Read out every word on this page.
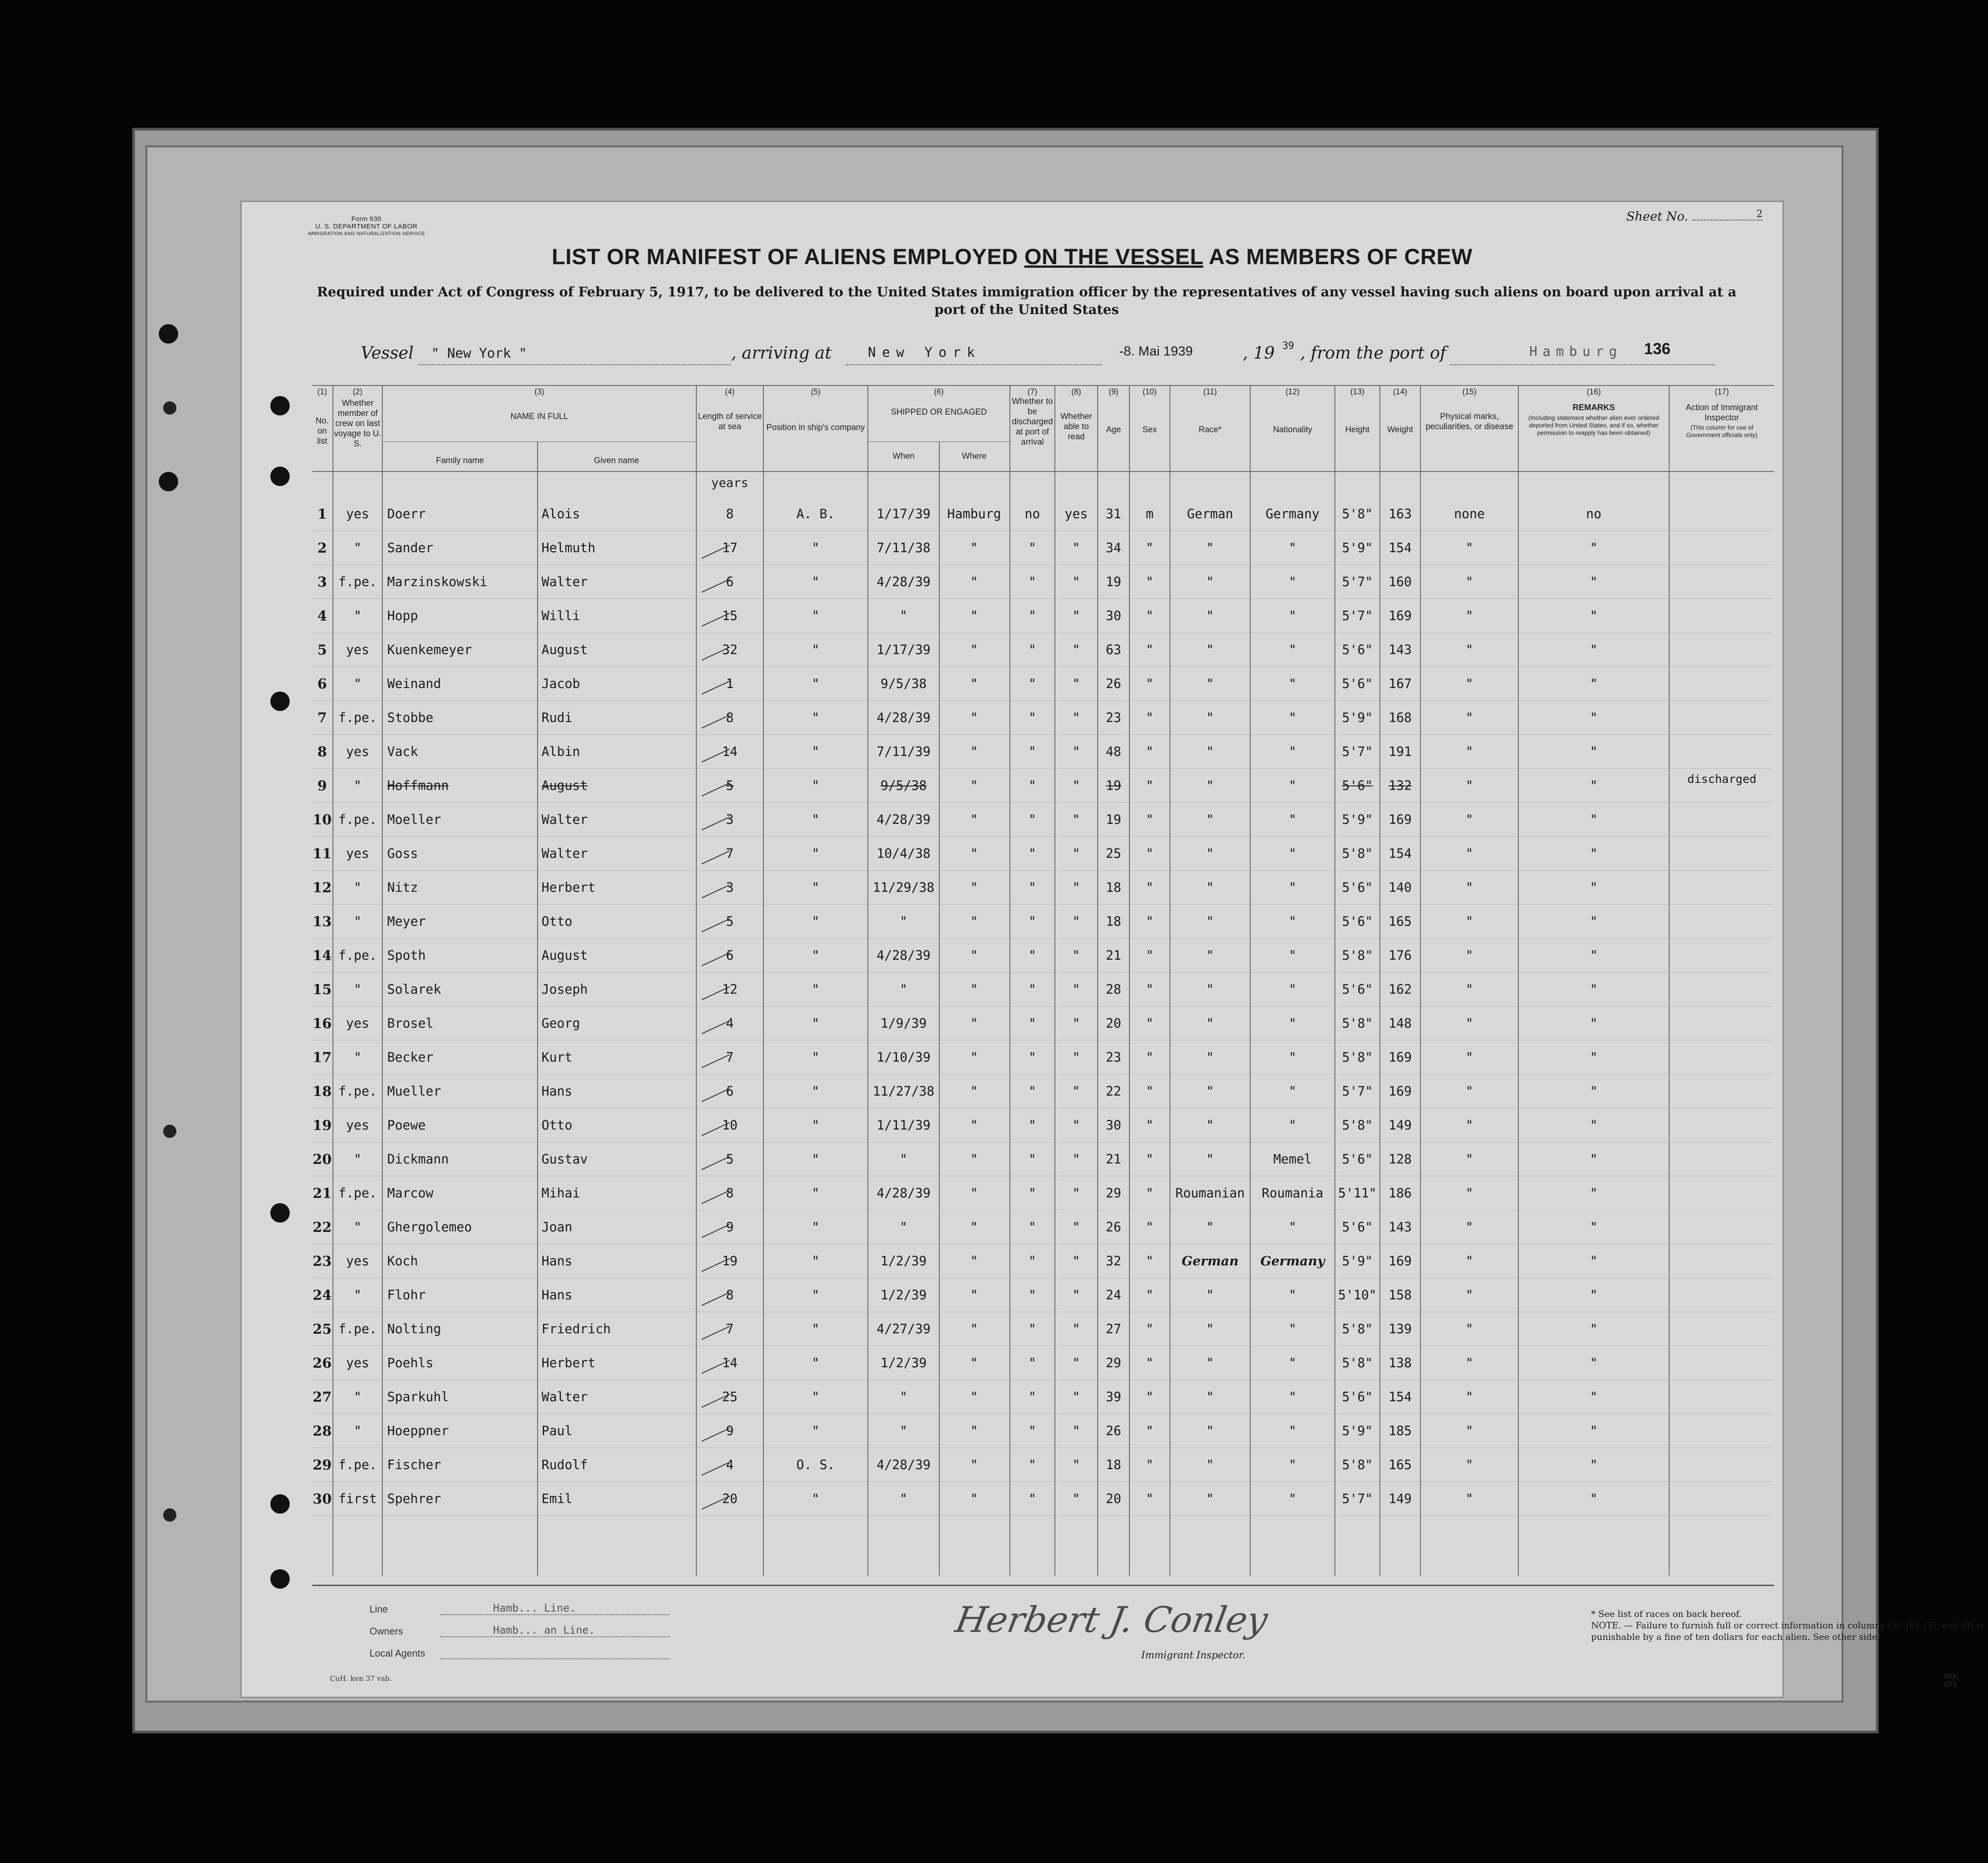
Form 630
U. S. DEPARTMENT OF LABOR
IMMIGRATION AND NATURALIZATION SERVICE
Sheet No.	2
LIST OR MANIFEST OF ALIENS EMPLOYED ON THE VESSEL AS MEMBERS OF CREW
Required under Act of Congress of February 5, 1917, to be delivered to the United States immigration officer by the representatives of any vessel having such aliens on board upon arrival at a port of the United States
Vessel " New York "	, arriving at	New York	-8. Mai 1939	, 19 39 , from the port of	Hamburg 136
(1)
No. on list
(2)
Whether member of crew on last voyage to U. S.
(3)
NAME IN FULL
Family name	Given name
(4)
Length of service at sea
(5)
Position in ship's company
(6)
SHIPPED OR ENGAGED
When	Where
(7)
Whether to be discharged at port of arrival
(8)
Whether able to read
(9)
Age
(10)
Sex
(11)
Race*
(12)
Nationality
(13)
Height
(14)
Weight
(15)
Physical marks, peculiarities, or disease
(16)
REMARKS
(Including statement whether alien ever ordered deported from United States, and if so, whether permission to reapply has been obtained)
(17)
Action of Immigrant Inspector
(This column for use of Government officials only)
years
1	yes	Doerr	Alois	8	A. B.	1/17/39	Hamburg	no	yes	31	m	German	Germany	5'8"	163	none	no
2	"	Sander	Helmuth	17	"	7/11/38	"	"	"	34	"	"	"	5'9"	154	"	"
3 f.pe. Marzinskowski	Walter	6	"	4/28/39	"	"	"	19	"	"	"	5'7"	160	"	"
4	"	Hopp	Willi	15	"	"	"	"	"	30	"	"	"	5'7"	169	"	"
5	yes	Kuenkemeyer	August	32	"	1/17/39	"	"	"	63	"	"	"	5'6"	143	"	"
6	"	Weinand	Jacob	1	"	9/5/38	"	"	"	26	"	"	"	5'6"	167	"	"
7 f.pe. Stobbe	Rudi	8	"	4/28/39	"	"	"	23	"	"	"	5'9"	168	"	"
8	yes	Vack	Albin	14	"	7/11/39	"	"	"	48	"	"	"	5'7"	191	"	"
9	"	Hoffmann	August	5	"	9/5/38	"	"	"	19	"	"	"	5'6"	132	"	"	discharged
10 f.pe. Moeller	Walter	3	"	4/28/39	"	"	"	19	"	"	"	5'9"	169	"	"
11	yes	Goss	Walter	7	"	10/4/38	"	"	"	25	"	"	"	5'8"	154	"	"
12	"	Nitz	Herbert	3	"	11/29/38	"	"	"	18	"	"	"	5'6"	140	"	"
13	"	Meyer	Otto	5	"	"	"	"	"	18	"	"	"	5'6"	165	"	"
14 f.pe. Spoth	August	6	"	4/28/39	"	"	"	21	"	"	"	5'8"	176	"	"
15	"	Solarek	Joseph	12	"	"	"	"	"	28	"	"	"	5'6"	162	"	"
16	yes	Brosel	Georg	4	"	1/9/39	"	"	"	20	"	"	"	5'8"	148	"	"
17	"	Becker	Kurt	7	"	1/10/39	"	"	"	23	"	"	"	5'8"	169	"	"
18 f.pe. Mueller	Hans	6	"	11/27/38	"	"	"	22	"	"	"	5'7"	169	"	"
19	yes	Poewe	Otto	10	"	1/11/39	"	"	"	30	"	"	"	5'8"	149	"	"
20	"	Dickmann	Gustav	5	"	"	"	"	"	21	"	"	Memel	5'6"	128	"	"
21 f.pe. Marcow	Mihai	8	"	4/28/39	"	"	"	29	"	Roumanian	Roumania	5'11" 186	"	"
22	"	Ghergolemeo	Joan	9	"	"	"	"	"	26	"	"	"	5'6"	143	"	"
23	yes	Koch	Hans	19	"	1/2/39	"	"	"	32	"	German	Germany	5'9"	169	"	"
24	"	Flohr	Hans	8	"	1/2/39	"	"	"	24	"	"	"	5'10" 158	"	"
25 f.pe. Nolting	Friedrich	7	"	4/27/39	"	"	"	27	"	"	"	5'8"	139	"	"
26	yes	Poehls	Herbert	14	"	1/2/39	"	"	"	29	"	"	"	5'8"	138	"	"
27	"	Sparkuhl	Walter	25	"	"	"	"	"	39	"	"	"	5'6"	154	"	"
28	"	Hoeppner	Paul	9	"	"	"	"	"	26	"	"	"	5'9"	185	"	"
29 f.pe. Fischer	Rudolf	4	O. S.	4/28/39	"	"	"	18	"	"	"	5'8"	165	"	"
30 first Spehrer	Emil	20	"	"	"	"	"	20	"	"	"	5'7"	149	"	"
Line	Hamb... Line.
Owners	Hamb... an Line.
Local Agents
Herbert J. Conley
Immigrant Inspector.
* See list of races on back hereof.
NOTE. — Failure to furnish full or correct information in columns (3), (6), (7), and (8) is punishable by a fine of ten dollars for each alien. See other side.
CuH. ken 37 vab.	Sch. 571
